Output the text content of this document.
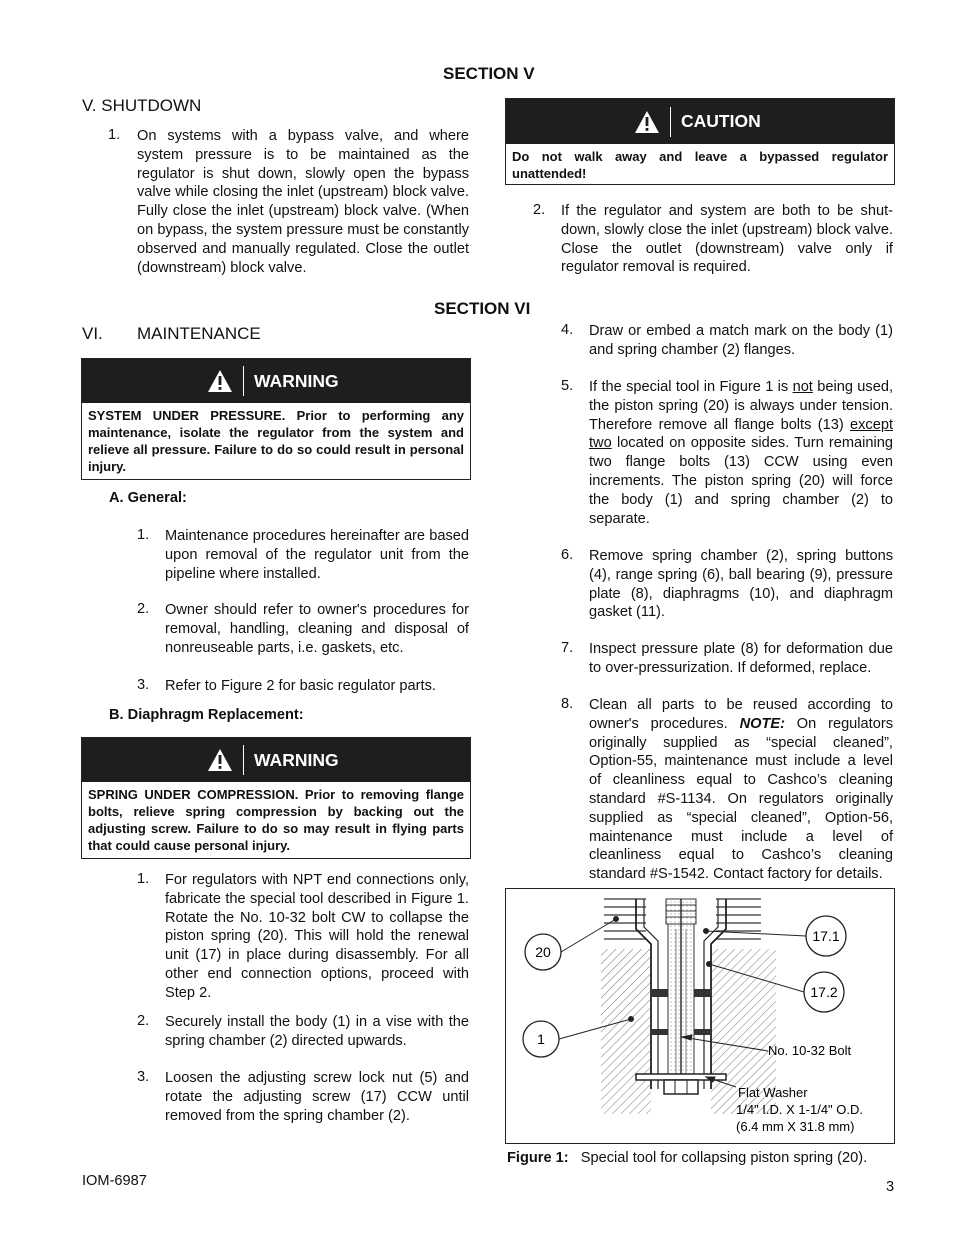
SECTION V
V. SHUTDOWN
1. On systems with a bypass valve, and where system pressure is to be maintained as the regulator is shut down, slowly open the bypass valve while closing the inlet (upstream) block valve. Fully close the inlet (upstream) block valve. (When on bypass, the system pressure must be constantly observed and manually regulated. Close the outlet (downstream) block valve.
CAUTION
Do not walk away and leave a bypassed regulator unattended!
2. If the regulator and system are both to be shut-down, slowly close the inlet (upstream) block valve. Close the outlet (downstream) valve only if regulator removal is required.
SECTION VI
VI. MAINTENANCE
WARNING
SYSTEM UNDER PRESSURE. Prior to performing any maintenance, isolate the regulator from the system and relieve all pressure. Failure to do so could result in personal injury.
A. General:
1. Maintenance procedures hereinafter are based upon removal of the regulator unit from the pipeline where installed.
2. Owner should refer to owner's procedures for removal, handling, cleaning and disposal of nonreuseable parts, i.e. gaskets, etc.
3. Refer to Figure 2 for basic regulator parts.
B. Diaphragm Replacement:
WARNING
SPRING UNDER COMPRESSION. Prior to removing flange bolts, relieve spring compression by backing out the adjusting screw. Failure to do so may result in flying parts that could cause personal injury.
1. For regulators with NPT end connections only, fabricate the special tool described in Figure 1. Rotate the No. 10-32 bolt CW to collapse the piston spring (20). This will hold the renewal unit (17) in place during disassembly. For all other end connection options, proceed with Step 2.
2. Securely install the body (1) in a vise with the spring chamber (2) directed upwards.
3. Loosen the adjusting screw lock nut (5) and rotate the adjusting screw (17) CCW until removed from the spring chamber (2).
4. Draw or embed a match mark on the body (1) and spring chamber (2) flanges.
5. If the special tool in Figure 1 is not being used, the piston spring (20) is always under tension. Therefore remove all flange bolts (13) except two located on opposite sides. Turn remaining two flange bolts (13) CCW using even increments. The piston spring (20) will force the body (1) and spring chamber (2) to separate.
6. Remove spring chamber (2), spring buttons (4), range spring (6), ball bearing (9), pressure plate (8), diaphragms (10), and diaphragm gasket (11).
7. Inspect pressure plate (8) for deformation due to over-pressurization. If deformed, replace.
8. Clean all parts to be reused according to owner's procedures. NOTE: On regulators originally supplied as “special cleaned”, Option-55, maintenance must include a level of cleanliness equal to Cashco’s cleaning standard #S-1134. On regulators originally supplied as “special cleaned”, Option-56, maintenance must include a level of cleanliness equal to Cashco’s cleaning standard #S-1542. Contact factory for details.
20
1
17.1
17.2
No. 10-32 Bolt
Flat Washer
1/4" I.D. X 1-1/4" O.D.
(6.4 mm X 31.8 mm)
Figure 1: Special tool for collapsing piston spring (20).
IOM-6987	3
